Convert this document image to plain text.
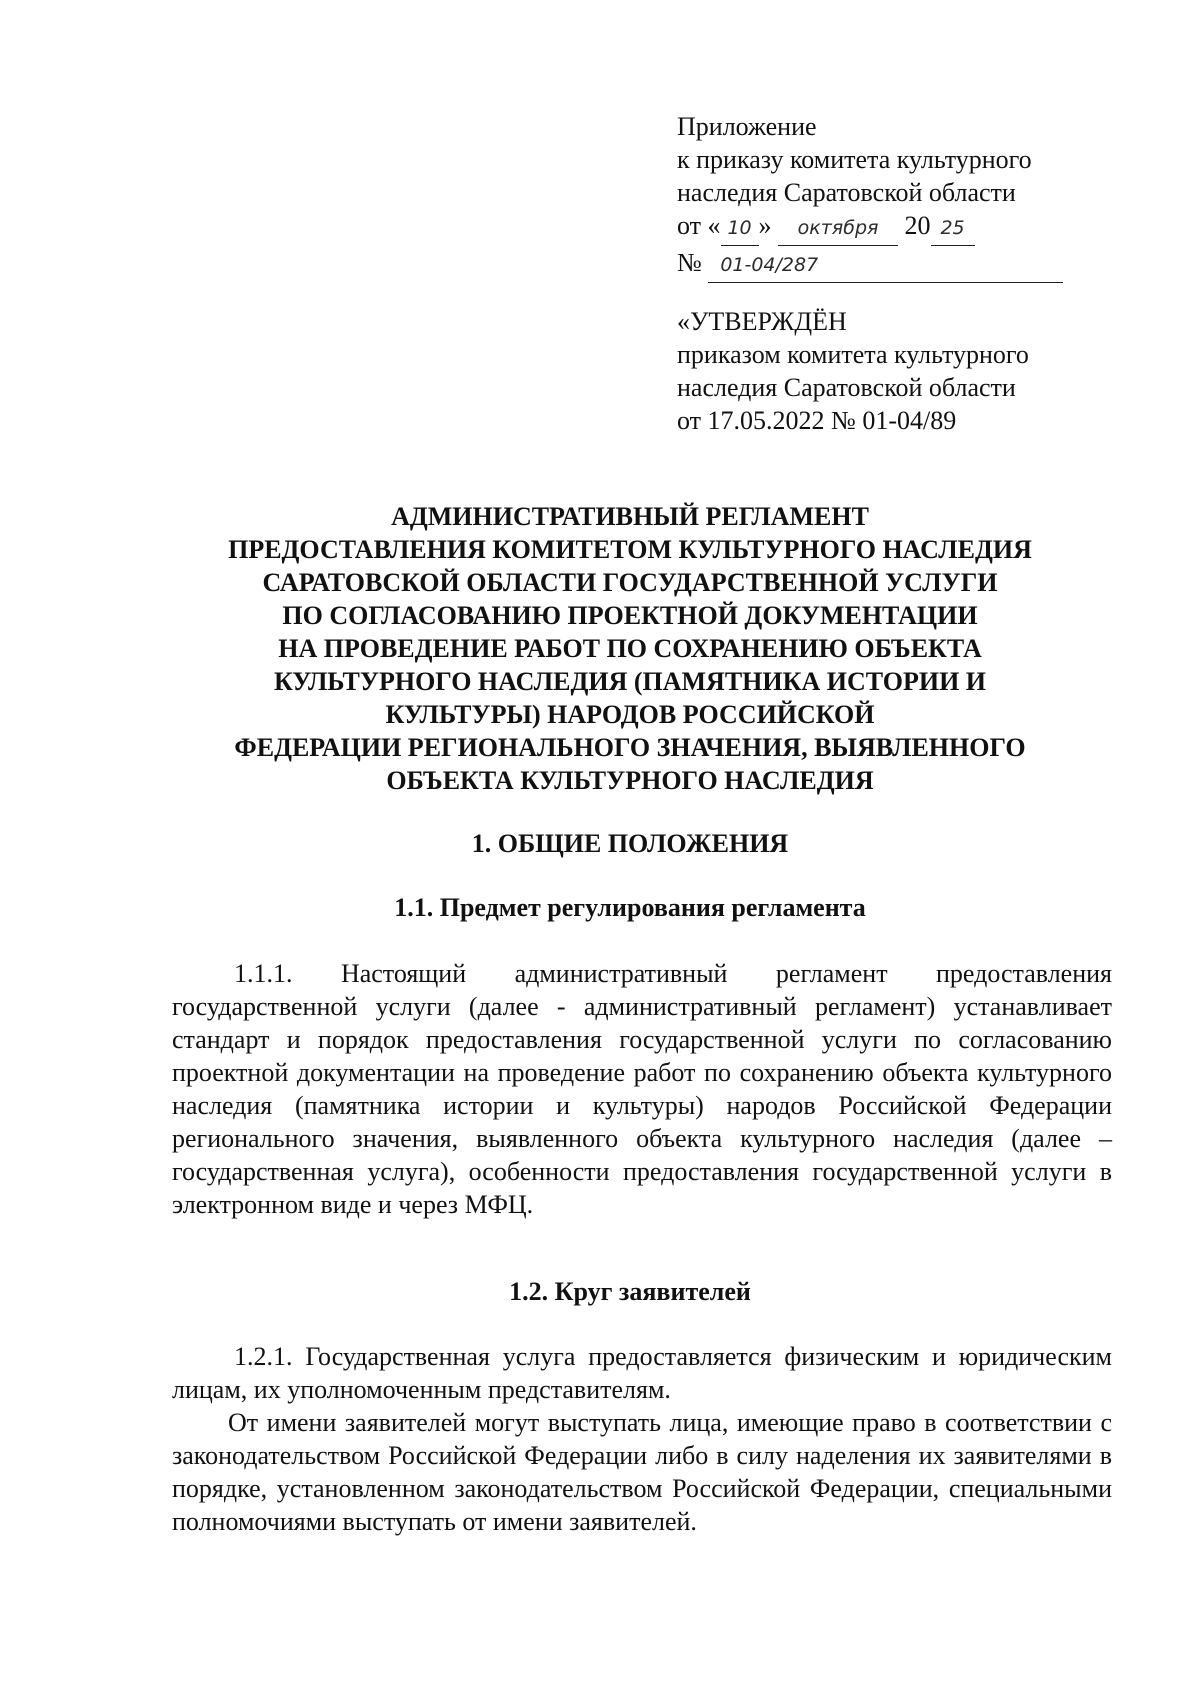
Приложение
к приказу комитета культурного
наследия Саратовской области
от « 10 » октября 20 25
№ 01-04/287
«УТВЕРЖДЁН
приказом комитета культурного
наследия Саратовской области
от 17.05.2022 № 01-04/89
АДМИНИСТРАТИВНЫЙ РЕГЛАМЕНТ
ПРЕДОСТАВЛЕНИЯ КОМИТЕТОМ КУЛЬТУРНОГО НАСЛЕДИЯ
САРАТОВСКОЙ ОБЛАСТИ ГОСУДАРСТВЕННОЙ УСЛУГИ
ПО СОГЛАСОВАНИЮ ПРОЕКТНОЙ ДОКУМЕНТАЦИИ
НА ПРОВЕДЕНИЕ РАБОТ ПО СОХРАНЕНИЮ ОБЪЕКТА
КУЛЬТУРНОГО НАСЛЕДИЯ (ПАМЯТНИКА ИСТОРИИ И
КУЛЬТУРЫ) НАРОДОВ РОССИЙСКОЙ
ФЕДЕРАЦИИ РЕГИОНАЛЬНОГО ЗНАЧЕНИЯ, ВЫЯВЛЕННОГО
ОБЪЕКТА КУЛЬТУРНОГО НАСЛЕДИЯ
1. ОБЩИЕ ПОЛОЖЕНИЯ
1.1. Предмет регулирования регламента
1.1.1. Настоящий административный регламент предоставления государственной услуги (далее - административный регламент) устанавливает стандарт и порядок предоставления государственной услуги по согласованию проектной документации на проведение работ по сохранению объекта культурного наследия (памятника истории и культуры) народов Российской Федерации регионального значения, выявленного объекта культурного наследия (далее – государственная услуга), особенности предоставления государственной услуги в электронном виде и через МФЦ.
1.2. Круг заявителей
1.2.1. Государственная услуга предоставляется физическим и юридическим лицам, их уполномоченным представителям.
От имени заявителей могут выступать лица, имеющие право в соответствии с законодательством Российской Федерации либо в силу наделения их заявителями в порядке, установленном законодательством Российской Федерации, специальными полномочиями выступать от имени заявителей.
